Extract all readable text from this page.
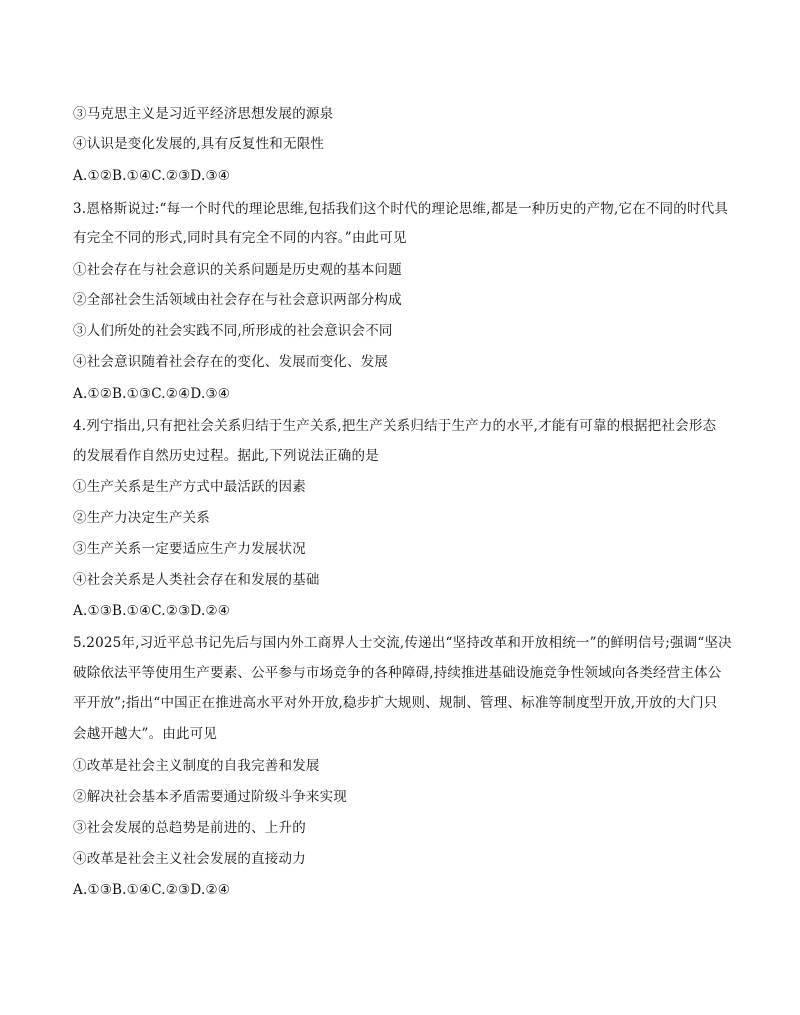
③马克思主义是习近平经济思想发展的源泉
④认识是变化发展的,具有反复性和无限性
A.①②B.①④C.②③D.③④
3.恩格斯说过:“每一个时代的理论思维,包括我们这个时代的理论思维,都是一种历史的产物,它在不同的时代具
有完全不同的形式,同时具有完全不同的内容。”由此可见
①社会存在与社会意识的关系问题是历史观的基本问题
②全部社会生活领域由社会存在与社会意识两部分构成
③人们所处的社会实践不同,所形成的社会意识会不同
④社会意识随着社会存在的变化、发展而变化、发展
A.①②B.①③C.②④D.③④
4.列宁指出,只有把社会关系归结于生产关系,把生产关系归结于生产力的水平,才能有可靠的根据把社会形态
的发展看作自然历史过程。据此,下列说法正确的是
①生产关系是生产方式中最活跃的因素
②生产力决定生产关系
③生产关系一定要适应生产力发展状况
④社会关系是人类社会存在和发展的基础
A.①③B.①④C.②③D.②④
5.2025年,习近平总书记先后与国内外工商界人士交流,传递出“坚持改革和开放相统一”的鲜明信号;强调“坚决
破除依法平等使用生产要素、公平参与市场竞争的各种障碍,持续推进基础设施竞争性领域向各类经营主体公
平开放”;指出“中国正在推进高水平对外开放,稳步扩大规则、规制、管理、标准等制度型开放,开放的大门只
会越开越大”。由此可见
①改革是社会主义制度的自我完善和发展
②解决社会基本矛盾需要通过阶级斗争来实现
③社会发展的总趋势是前进的、上升的
④改革是社会主义社会发展的直接动力
A.①③B.①④C.②③D.②④
